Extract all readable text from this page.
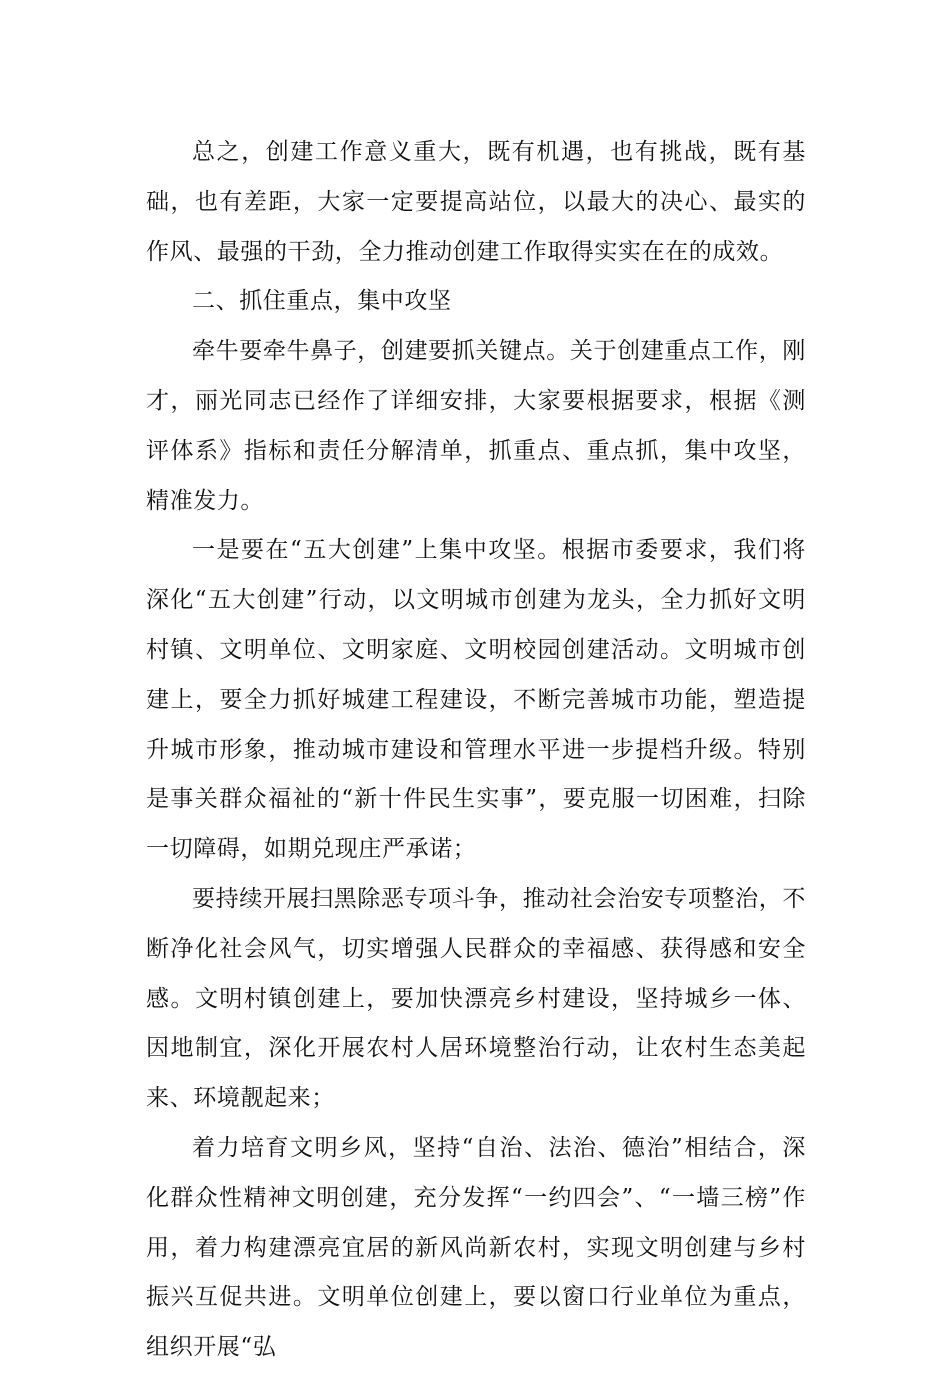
总之，创建工作意义重大，既有机遇，也有挑战，既有基础，也有差距，大家一定要提高站位，以最大的决心、最实的作风、最强的干劲，全力推动创建工作取得实实在在的成效。

二、抓住重点，集中攻坚

牵牛要牵牛鼻子，创建要抓关键点。关于创建重点工作，刚才，丽光同志已经作了详细安排，大家要根据要求，根据《测评体系》指标和责任分解清单，抓重点、重点抓，集中攻坚，精准发力。

一是要在“五大创建”上集中攻坚。根据市委要求，我们将深化“五大创建”行动，以文明城市创建为龙头，全力抓好文明村镇、文明单位、文明家庭、文明校园创建活动。文明城市创建上，要全力抓好城建工程建设，不断完善城市功能，塑造提升城市形象，推动城市建设和管理水平进一步提档升级。特别是事关群众福祉的“新十件民生实事”，要克服一切困难，扫除一切障碍，如期兑现庄严承诺；

要持续开展扫黑除恶专项斗争，推动社会治安专项整治，不断净化社会风气，切实增强人民群众的幸福感、获得感和安全感。文明村镇创建上，要加快漂亮乡村建设，坚持城乡一体、因地制宜，深化开展农村人居环境整治行动，让农村生态美起来、环境靓起来；

着力培育文明乡风，坚持“自治、法治、德治”相结合，深化群众性精神文明创建，充分发挥“一约四会”、“一墙三榜”作用，着力构建漂亮宜居的新风尚新农村，实现文明创建与乡村振兴互促共进。文明单位创建上，要以窗口行业单位为重点，组织开展“弘
